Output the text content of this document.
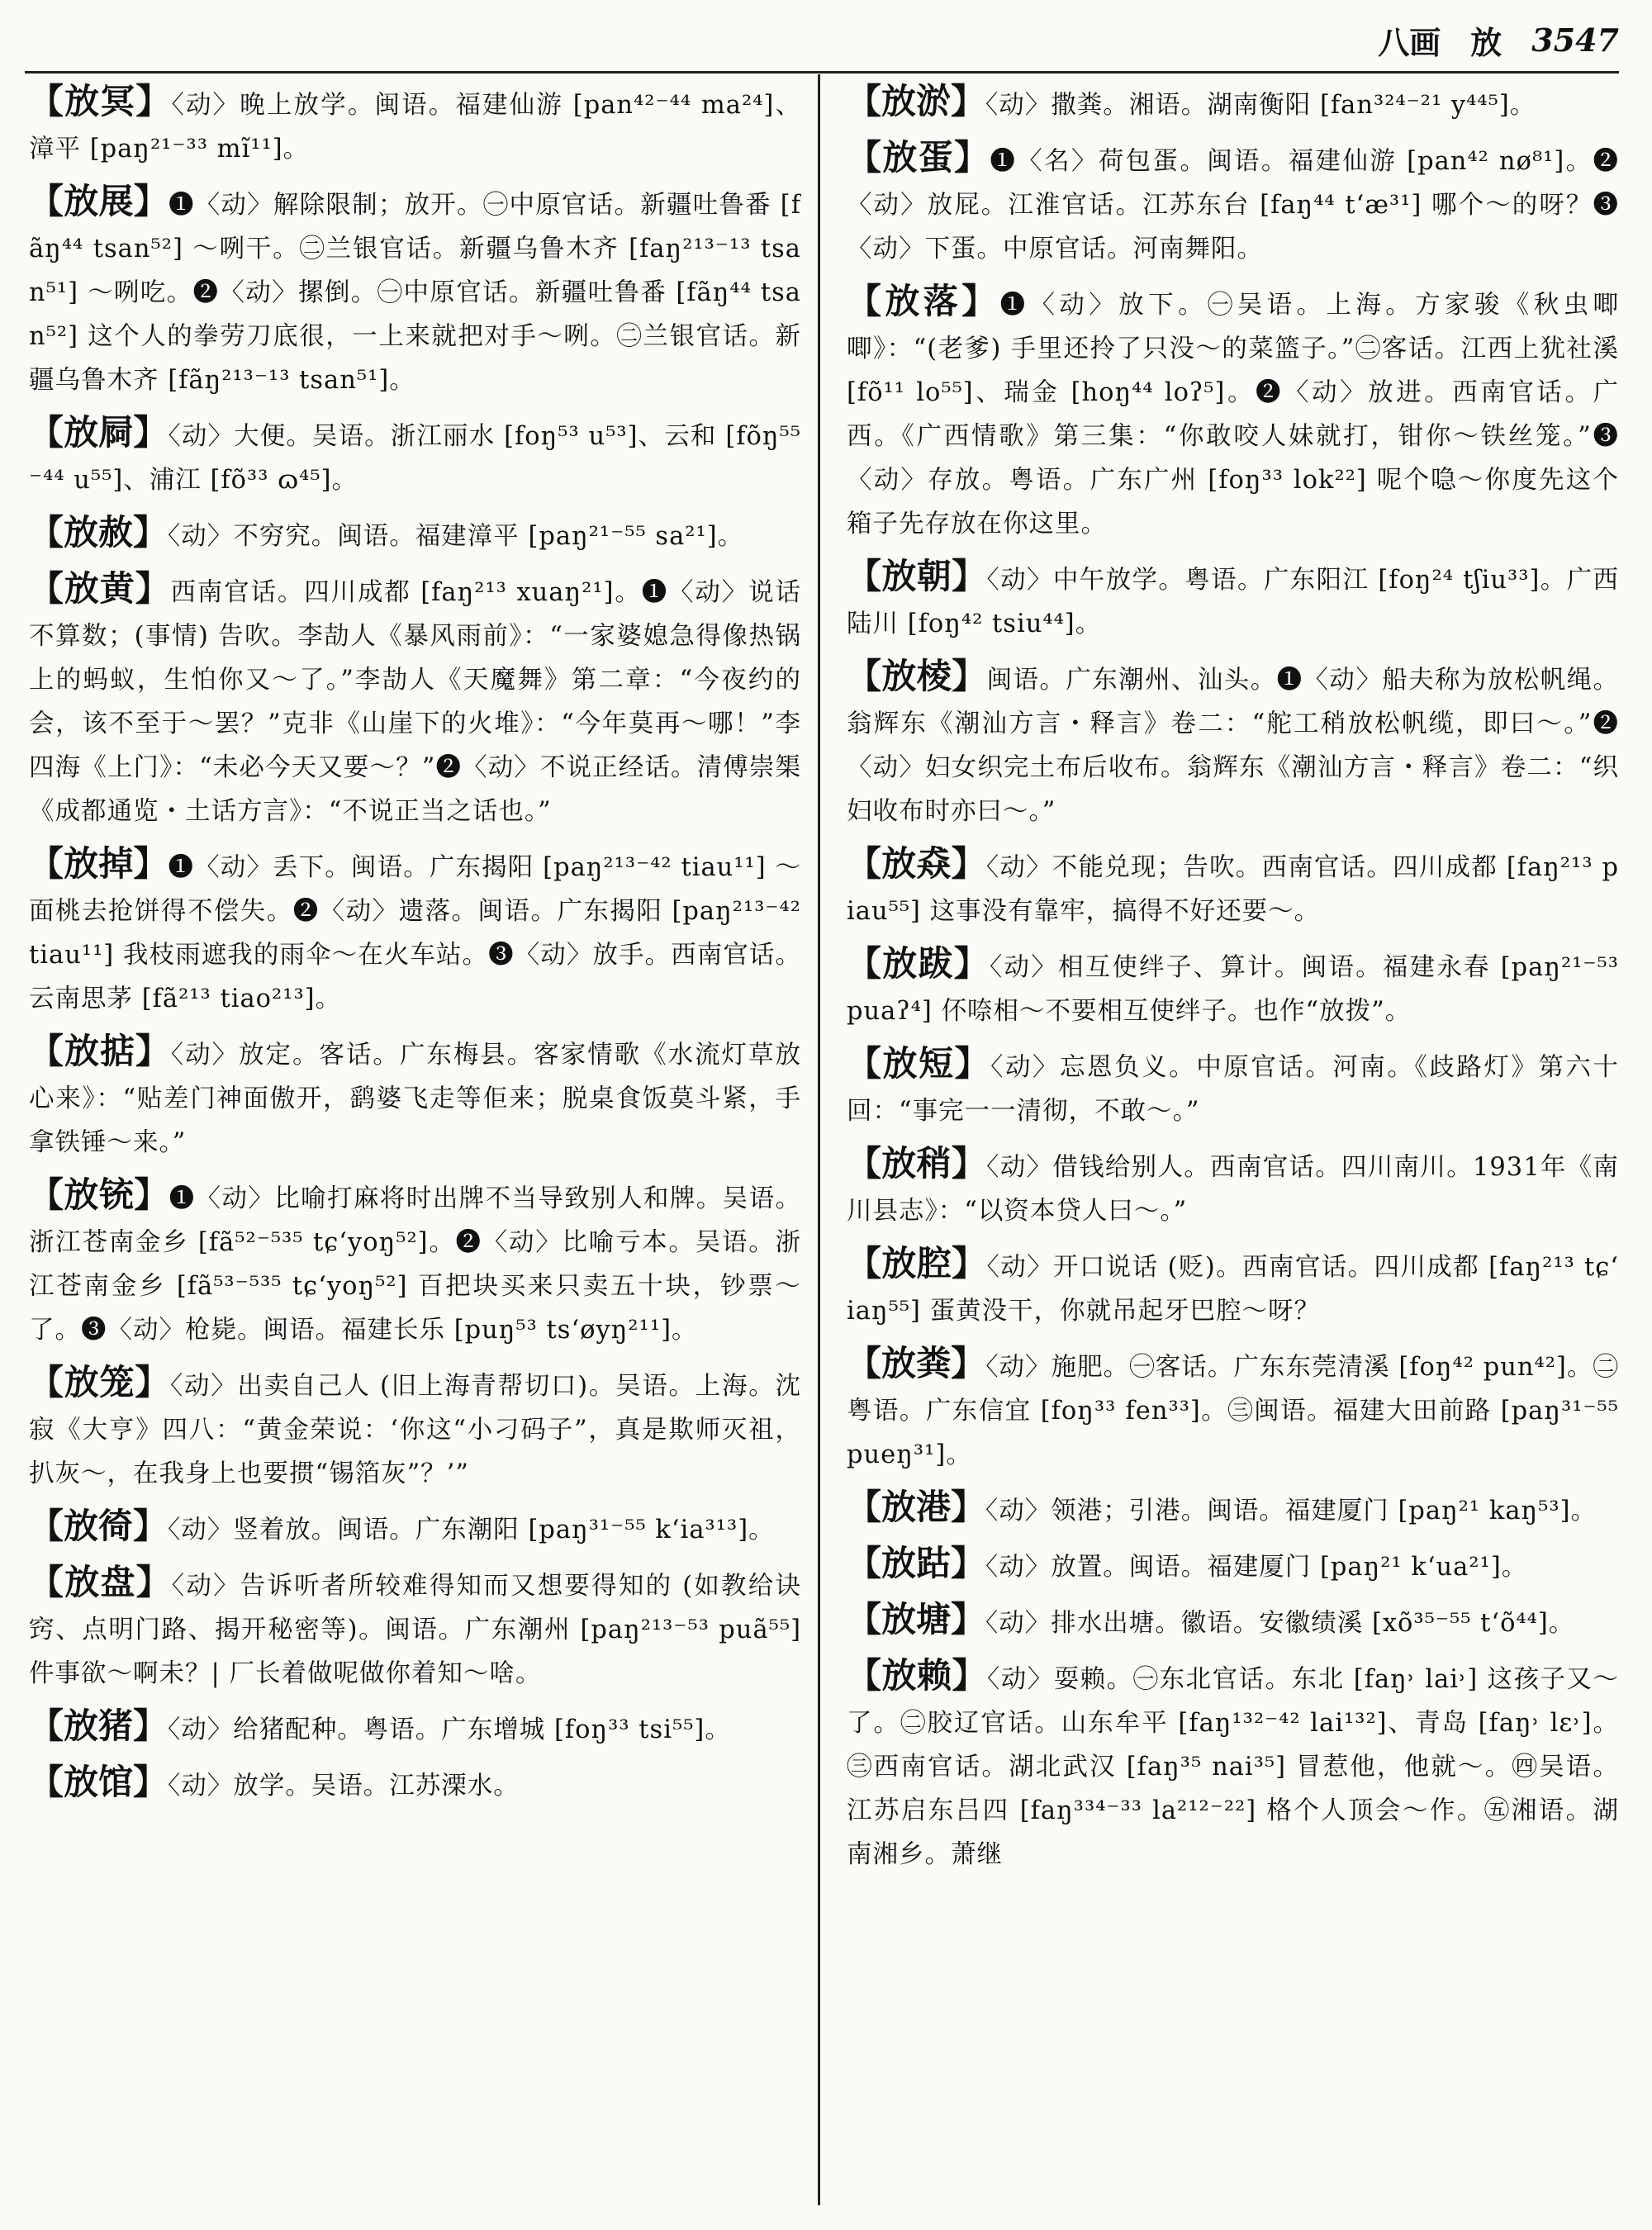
八画 放 3547

【放冥】〈动〉晚上放学。闽语。福建仙游 [pan⁴²⁻⁴⁴ ma²⁴]、漳平 [paŋ²¹⁻³³ mĩ¹¹]。

【放展】❶〈动〉解除限制；放开。㊀中原官话。新疆吐鲁番 [fãŋ⁴⁴ tsan⁵²] ～咧干。㊁兰银官话。新疆乌鲁木齐 [faŋ²¹³⁻¹³ tsan⁵¹] ～咧吃。❷〈动〉摞倒。㊀中原官话。新疆吐鲁番 [fãŋ⁴⁴ tsan⁵²] 这个人的拳劳刀底很，一上来就把对手～咧。㊁兰银官话。新疆乌鲁木齐 [fãŋ²¹³⁻¹³ tsan⁵¹]。

【放屙】〈动〉大便。吴语。浙江丽水 [foŋ⁵³ u⁵³]、云和 [fõŋ⁵⁵⁻⁴⁴ u⁵⁵]、浦江 [fõ³³ ɷ⁴⁵]。

【放赦】〈动〉不穷究。闽语。福建漳平 [paŋ²¹⁻⁵⁵ sa²¹]。

【放黄】西南官话。四川成都 [faŋ²¹³ xuaŋ²¹]。❶〈动〉说话不算数；(事情) 告吹。李劼人《暴风雨前》：“一家婆媳急得像热锅上的蚂蚁，生怕你又～了。”李劼人《天魔舞》第二章：“今夜约的会，该不至于～罢？”克非《山崖下的火堆》：“今年莫再～哪！”李四海《上门》：“未必今天又要～？”❷〈动〉不说正经话。清傅崇榘《成都通览・土话方言》：“不说正当之话也。”

【放掉】❶〈动〉丢下。闽语。广东揭阳 [paŋ²¹³⁻⁴² tiau¹¹] ～面桃去抢饼得不偿失。❷〈动〉遗落。闽语。广东揭阳 [paŋ²¹³⁻⁴² tiau¹¹] 我枝雨遮我的雨伞～在火车站。❸〈动〉放手。西南官话。云南思茅 [fã²¹³ tiao²¹³]。

【放掂】〈动〉放定。客话。广东梅县。客家情歌《水流灯草放心来》：“贴差门神面傲开，鹞婆飞走等佢来；脱桌食饭莫斗紧，手拿铁锤～来。”

【放铳】❶〈动〉比喻打麻将时出牌不当导致别人和牌。吴语。浙江苍南金乡 [fã⁵²⁻⁵³⁵ tɕʻyoŋ⁵²]。❷〈动〉比喻亏本。吴语。浙江苍南金乡 [fã⁵³⁻⁵³⁵ tɕʻyoŋ⁵²] 百把块买来只卖五十块，钞票～了。❸〈动〉枪毙。闽语。福建长乐 [puŋ⁵³ tsʻøyŋ²¹¹]。

【放笼】〈动〉出卖自己人 (旧上海青帮切口)。吴语。上海。沈寂《大亨》四八：“黄金荣说：‘你这“小刁码子”，真是欺师灭祖，扒灰～，在我身上也要掼“锡箔灰”？’”

【放徛】〈动〉竖着放。闽语。广东潮阳 [paŋ³¹⁻⁵⁵ kʻia³¹³]。

【放盘】〈动〉告诉听者所较难得知而又想要得知的 (如教给诀窍、点明门路、揭开秘密等)。闽语。广东潮州 [paŋ²¹³⁻⁵³ puã⁵⁵] 件事欲～啊未？| 厂长着做呢做你着知～啥。

【放猪】〈动〉给猪配种。粤语。广东增城 [foŋ³³ tsi⁵⁵]。

【放馆】〈动〉放学。吴语。江苏溧水。

【放淤】〈动〉撒粪。湘语。湖南衡阳 [fan³²⁴⁻²¹ y⁴⁴⁵]。

【放蛋】❶〈名〉荷包蛋。闽语。福建仙游 [pan⁴² nø⁸¹]。❷〈动〉放屁。江淮官话。江苏东台 [faŋ⁴⁴ tʻæ³¹] 哪个～的呀？❸〈动〉下蛋。中原官话。河南舞阳。

【放落】❶〈动〉放下。㊀吴语。上海。方家骏《秋虫唧唧》：“(老爹) 手里还拎了只没～的菜篮子。”㊁客话。江西上犹社溪 [fõ¹¹ lo⁵⁵]、瑞金 [hoŋ⁴⁴ loʔ⁵]。❷〈动〉放进。西南官话。广西。《广西情歌》第三集：“你敢咬人妹就打，钳你～铁丝笼。”❸〈动〉存放。粤语。广东广州 [foŋ³³ lok²²] 呢个喼～你度先这个箱子先存放在你这里。

【放朝】〈动〉中午放学。粤语。广东阳江 [foŋ²⁴ tʃiu³³]。广西陆川 [foŋ⁴² tsiu⁴⁴]。

【放棱】闽语。广东潮州、汕头。❶〈动〉船夫称为放松帆绳。翁辉东《潮汕方言・释言》卷二：“舵工稍放松帆缆，即曰～。”❷〈动〉妇女织完土布后收布。翁辉东《潮汕方言・释言》卷二：“织妇收布时亦曰～。”

【放猋】〈动〉不能兑现；告吹。西南官话。四川成都 [faŋ²¹³ piau⁵⁵] 这事没有靠牢，搞得不好还要～。

【放跋】〈动〉相互使绊子、算计。闽语。福建永春 [paŋ²¹⁻⁵³ puaʔ⁴] 伓㖠相～不要相互使绊子。也作“放拨”。

【放短】〈动〉忘恩负义。中原官话。河南。《歧路灯》第六十回：“事完一一清彻，不敢～。”

【放稍】〈动〉借钱给别人。西南官话。四川南川。1931年《南川县志》：“以资本贷人曰～。”

【放腔】〈动〉开口说话 (贬)。西南官话。四川成都 [faŋ²¹³ tɕʻiaŋ⁵⁵] 蛋黄没干，你就吊起牙巴腔～呀？

【放粪】〈动〉施肥。㊀客话。广东东莞清溪 [foŋ⁴² pun⁴²]。㊁粤语。广东信宜 [foŋ³³ fen³³]。㊂闽语。福建大田前路 [paŋ³¹⁻⁵⁵ pueŋ³¹]。

【放港】〈动〉领港；引港。闽语。福建厦门 [paŋ²¹ kaŋ⁵³]。

【放跍】〈动〉放置。闽语。福建厦门 [paŋ²¹ kʻua²¹]。

【放塘】〈动〉排水出塘。徽语。安徽绩溪 [xõ³⁵⁻⁵⁵ tʻõ⁴⁴]。

【放赖】〈动〉耍赖。㊀东北官话。东北 [faŋ˒ lai˒] 这孩子又～了。㊁胶辽官话。山东牟平 [faŋ¹³²⁻⁴² lai¹³²]、青岛 [faŋ˒ lɛ˒]。㊂西南官话。湖北武汉 [faŋ³⁵ nai³⁵] 冒惹他，他就～。㊃吴语。江苏启东吕四 [faŋ³³⁴⁻³³ la²¹²⁻²²] 格个人顶会～作。㊄湘语。湖南湘乡。萧继
